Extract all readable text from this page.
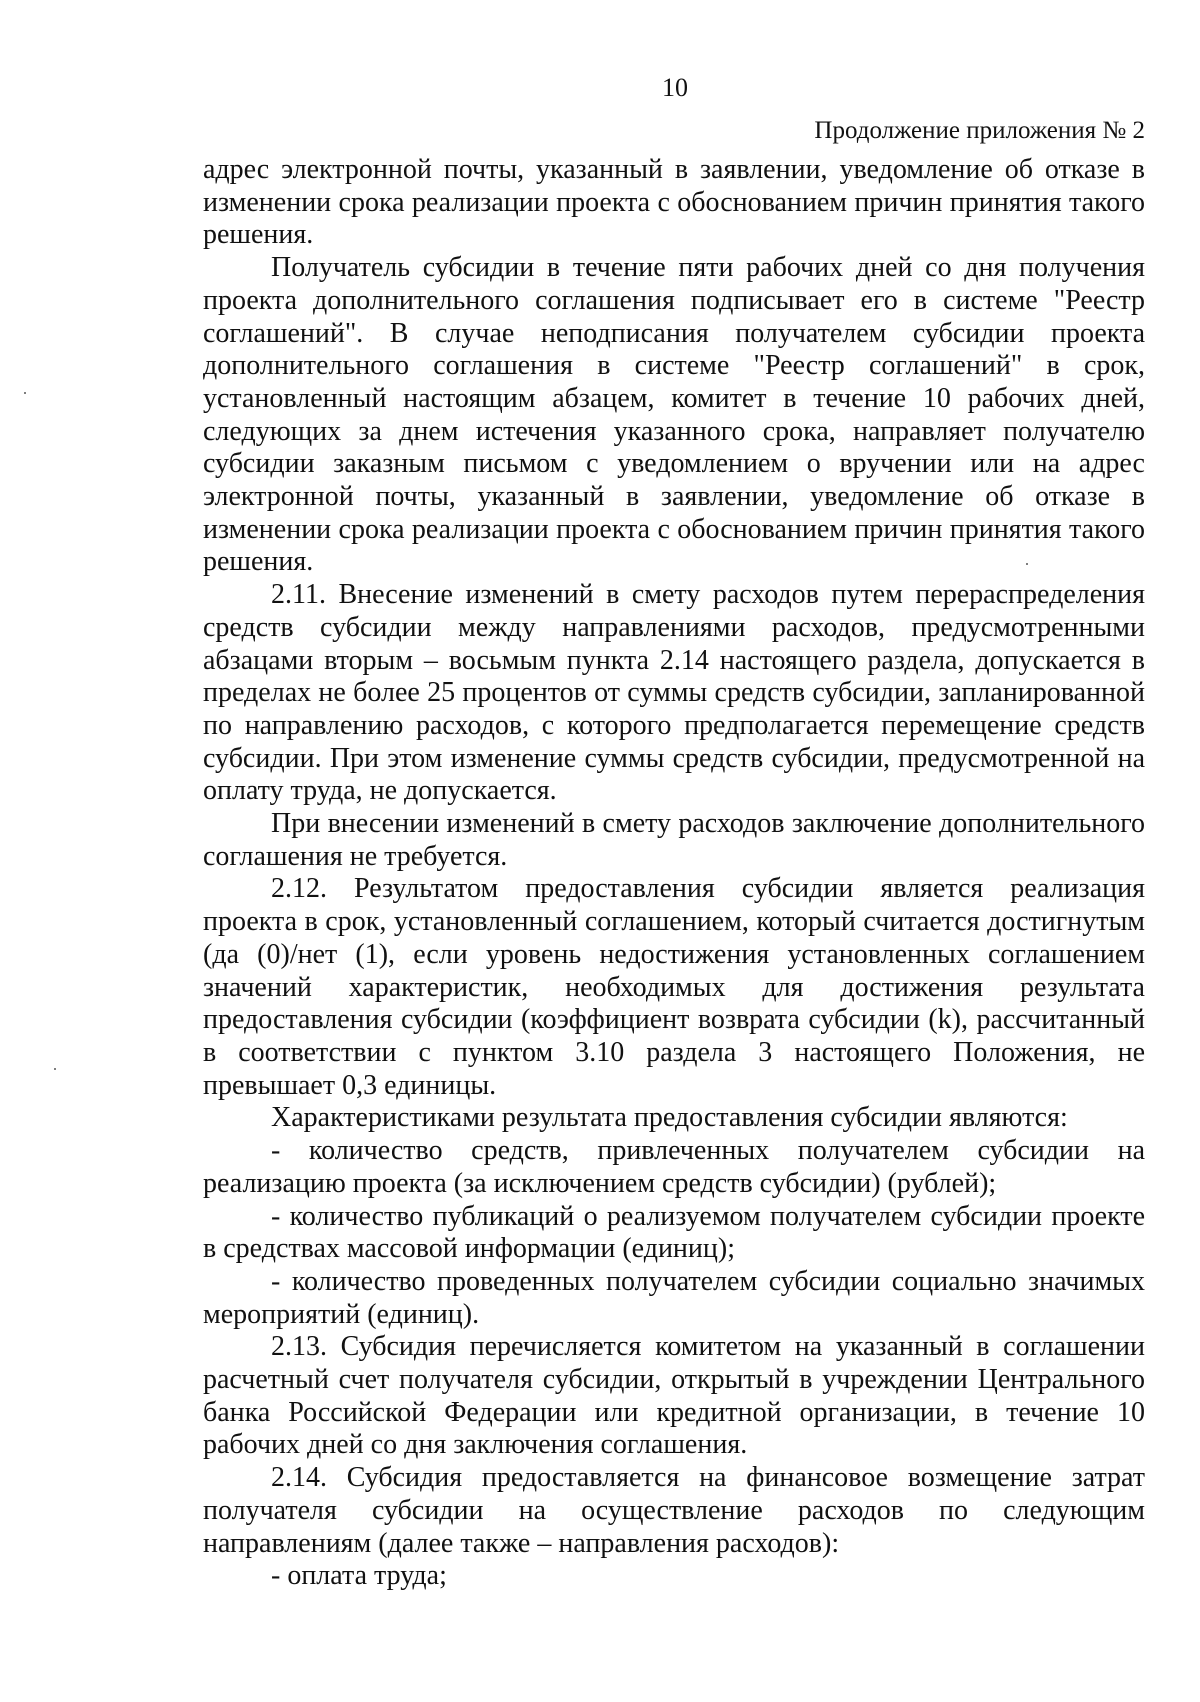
10
Продолжение приложения № 2

адрес электронной почты, указанный в заявлении, уведомление об отказе в изменении срока реализации проекта с обоснованием причин принятия такого решения.

Получатель субсидии в течение пяти рабочих дней со дня получения проекта дополнительного соглашения подписывает его в системе "Реестр соглашений". В случае неподписания получателем субсидии проекта дополнительного соглашения в системе "Реестр соглашений" в срок, установленный настоящим абзацем, комитет в течение 10 рабочих дней, следующих за днем истечения указанного срока, направляет получателю субсидии заказным письмом с уведомлением о вручении или на адрес электронной почты, указанный в заявлении, уведомление об отказе в изменении срока реализации проекта с обоснованием причин принятия такого решения.

2.11. Внесение изменений в смету расходов путем перераспределения средств субсидии между направлениями расходов, предусмотренными абзацами вторым – восьмым пункта 2.14 настоящего раздела, допускается в пределах не более 25 процентов от суммы средств субсидии, запланированной по направлению расходов, с которого предполагается перемещение средств субсидии. При этом изменение суммы средств субсидии, предусмотренной на оплату труда, не допускается.

При внесении изменений в смету расходов заключение дополнительного соглашения не требуется.

2.12. Результатом предоставления субсидии является реализация проекта в срок, установленный соглашением, который считается достигнутым (да (0)/нет (1), если уровень недостижения установленных соглашением значений характеристик, необходимых для достижения результата предоставления субсидии (коэффициент возврата субсидии (k), рассчитанный в соответствии с пунктом 3.10 раздела 3 настоящего Положения, не превышает 0,3 единицы.

Характеристиками результата предоставления субсидии являются:

- количество средств, привлеченных получателем субсидии на реализацию проекта (за исключением средств субсидии) (рублей);

- количество публикаций о реализуемом получателем субсидии проекте в средствах массовой информации (единиц);

- количество проведенных получателем субсидии социально значимых мероприятий (единиц).

2.13. Субсидия перечисляется комитетом на указанный в соглашении расчетный счет получателя субсидии, открытый в учреждении Центрального банка Российской Федерации или кредитной организации, в течение 10 рабочих дней со дня заключения соглашения.

2.14. Субсидия предоставляется на финансовое возмещение затрат получателя субсидии на осуществление расходов по следующим направлениям (далее также – направления расходов):

- оплата труда;
